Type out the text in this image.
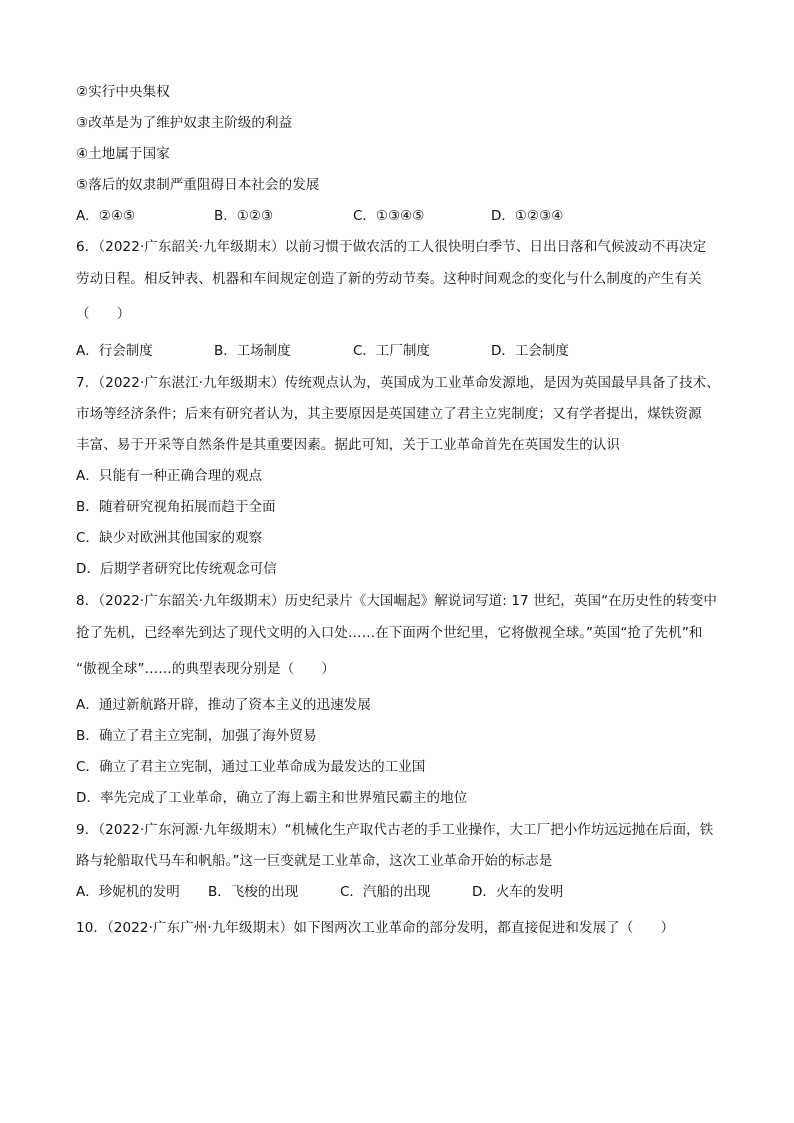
②实行中央集权
③改革是为了维护奴隶主阶级的利益
④土地属于国家
⑤落后的奴隶制严重阻碍日本社会的发展
A．②④⑤	B．①②③	C．①③④⑤	D．①②③④
6．（2022·广东韶关·九年级期末）以前习惯于做农活的工人很快明白季节、日出日落和气候波动不再决定
劳动日程。相反钟表、机器和车间规定创造了新的劳动节奏。这种时间观念的变化与什么制度的产生有关
（　　）
A．行会制度	B．工场制度	C．工厂制度	D．工会制度
7．（2022·广东湛江·九年级期末）传统观点认为，英国成为工业革命发源地，是因为英国最早具备了技术、
市场等经济条件；后来有研究者认为，其主要原因是英国建立了君主立宪制度；又有学者提出，煤铁资源
丰富、易于开采等自然条件是其重要因素。据此可知，关于工业革命首先在英国发生的认识
A．只能有一种正确合理的观点
B．随着研究视角拓展而趋于全面
C．缺少对欧洲其他国家的观察
D．后期学者研究比传统观念可信
8．（2022·广东韶关·九年级期末）历史纪录片《大国崛起》解说词写道: 17 世纪，英国“在历史性的转变中
抢了先机，已经率先到达了现代文明的入口处……在下面两个世纪里，它将傲视全球。”英国“抢了先机”和
“傲视全球”……的典型表现分别是（　　）
A．通过新航路开辟，推动了资本主义的迅速发展
B．确立了君主立宪制，加强了海外贸易
C．确立了君主立宪制，通过工业革命成为最发达的工业国
D．率先完成了工业革命，确立了海上霸主和世界殖民霸主的地位
9．（2022·广东河源·九年级期末）“机械化生产取代古老的手工业操作，大工厂把小作坊远远抛在后面，铁
路与轮船取代马车和帆船。”这一巨变就是工业革命，这次工业革命开始的标志是
A．珍妮机的发明 B．飞梭的出现	C．汽船的出现	D．火车的发明
10．（2022·广东广州·九年级期末）如下图两次工业革命的部分发明，都直接促进和发展了（　　）
